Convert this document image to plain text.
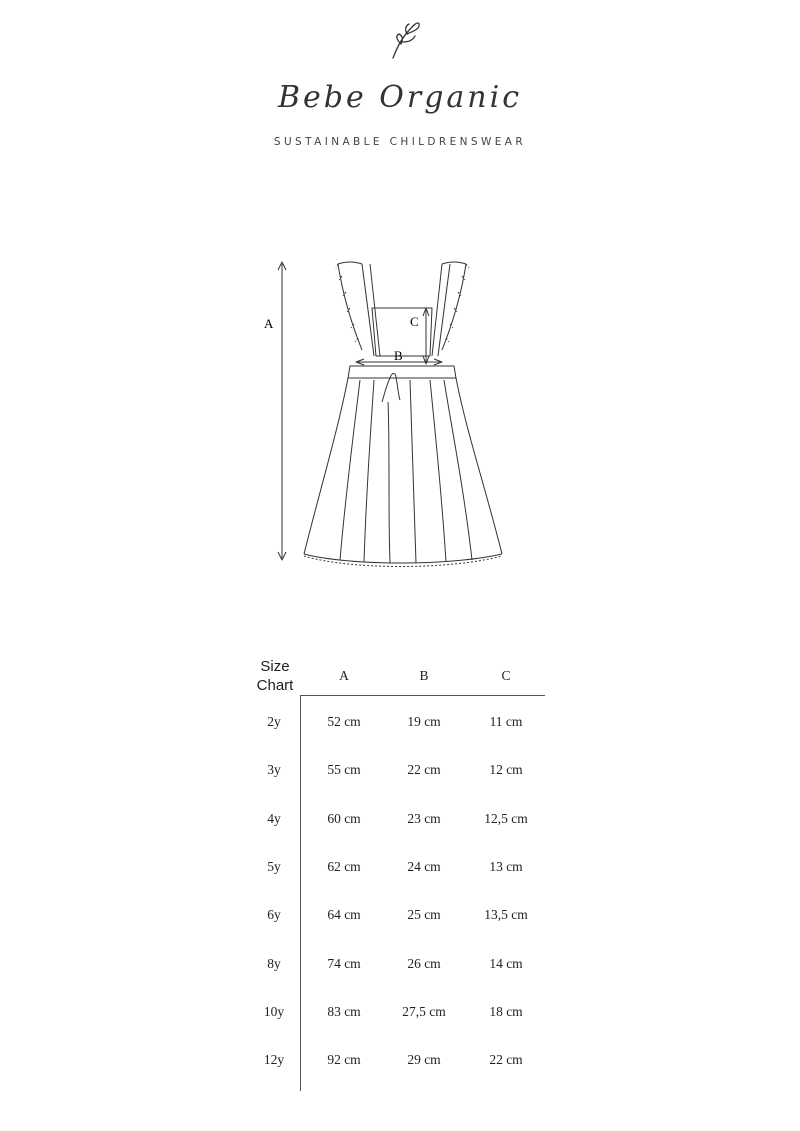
Bebe Organic
SUSTAINABLE CHILDRENSWEAR
A	C
B
Size
Chart
A	B	C
2y	52 cm	19 cm	11 cm
3y	55 cm	22 cm	12 cm
4y	60 cm	23 cm	12,5 cm
5y	62 cm	24 cm	13 cm
6y	64 cm	25 cm	13,5 cm
8y	74 cm	26 cm	14 cm
10y	83 cm	27,5 cm	18 cm
12y	92 cm	29 cm	22 cm
